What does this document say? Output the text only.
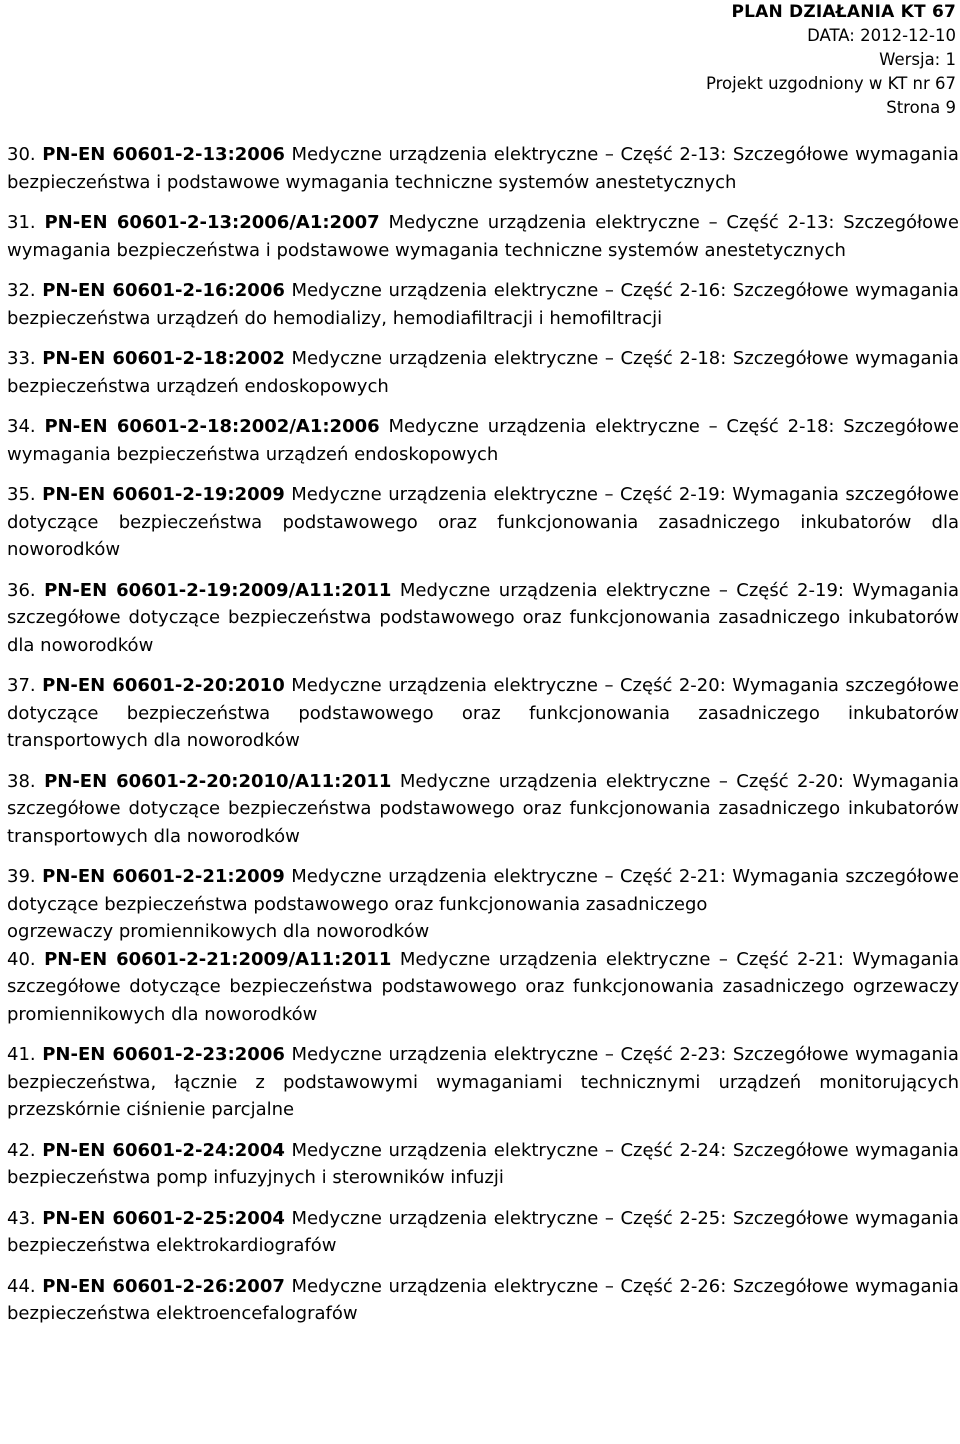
PLAN DZIAŁANIA KT 67
DATA: 2012-12-10
Wersja: 1
Projekt uzgodniony w KT nr 67
Strona 9
30. PN-EN 60601-2-13:2006 Medyczne urządzenia elektryczne – Część 2-13: Szczegółowe wymagania bezpieczeństwa i podstawowe wymagania techniczne systemów anestetycznych
31. PN-EN 60601-2-13:2006/A1:2007 Medyczne urządzenia elektryczne – Część 2-13: Szczegółowe wymagania bezpieczeństwa i podstawowe wymagania techniczne systemów anestetycznych
32. PN-EN 60601-2-16:2006 Medyczne urządzenia elektryczne – Część 2-16: Szczegółowe wymagania bezpieczeństwa urządzeń do hemodializy, hemodiafiltracji i hemofiltracji
33. PN-EN 60601-2-18:2002 Medyczne urządzenia elektryczne – Część 2-18: Szczegółowe wymagania bezpieczeństwa urządzeń endoskopowych
34. PN-EN 60601-2-18:2002/A1:2006 Medyczne urządzenia elektryczne – Część 2-18: Szczegółowe wymagania bezpieczeństwa urządzeń endoskopowych
35. PN-EN 60601-2-19:2009 Medyczne urządzenia elektryczne – Część 2-19: Wymagania szczegółowe dotyczące bezpieczeństwa podstawowego oraz funkcjonowania zasadniczego inkubatorów dla noworodków
36. PN-EN 60601-2-19:2009/A11:2011 Medyczne urządzenia elektryczne – Część 2-19: Wymagania szczegółowe dotyczące bezpieczeństwa podstawowego oraz funkcjonowania zasadniczego inkubatorów dla noworodków
37. PN-EN 60601-2-20:2010 Medyczne urządzenia elektryczne – Część 2-20: Wymagania szczegółowe dotyczące bezpieczeństwa podstawowego oraz funkcjonowania zasadniczego inkubatorów transportowych dla noworodków
38. PN-EN 60601-2-20:2010/A11:2011 Medyczne urządzenia elektryczne – Część 2-20: Wymagania szczegółowe dotyczące bezpieczeństwa podstawowego oraz funkcjonowania zasadniczego inkubatorów transportowych dla noworodków
39. PN-EN 60601-2-21:2009 Medyczne urządzenia elektryczne – Część 2-21: Wymagania szczegółowe dotyczące bezpieczeństwa podstawowego oraz funkcjonowania zasadniczego
ogrzewaczy promiennikowych dla noworodków
40. PN-EN 60601-2-21:2009/A11:2011 Medyczne urządzenia elektryczne – Część 2-21: Wymagania szczegółowe dotyczące bezpieczeństwa podstawowego oraz funkcjonowania zasadniczego ogrzewaczy promiennikowych dla noworodków
41. PN-EN 60601-2-23:2006 Medyczne urządzenia elektryczne – Część 2-23: Szczegółowe wymagania bezpieczeństwa, łącznie z podstawowymi wymaganiami technicznymi urządzeń monitorujących przezskórnie ciśnienie parcjalne
42. PN-EN 60601-2-24:2004 Medyczne urządzenia elektryczne – Część 2-24: Szczegółowe wymagania bezpieczeństwa pomp infuzyjnych i sterowników infuzji
43. PN-EN 60601-2-25:2004 Medyczne urządzenia elektryczne – Część 2-25: Szczegółowe wymagania bezpieczeństwa elektrokardiografów
44. PN-EN 60601-2-26:2007 Medyczne urządzenia elektryczne – Część 2-26: Szczegółowe wymagania bezpieczeństwa elektroencefalografów
